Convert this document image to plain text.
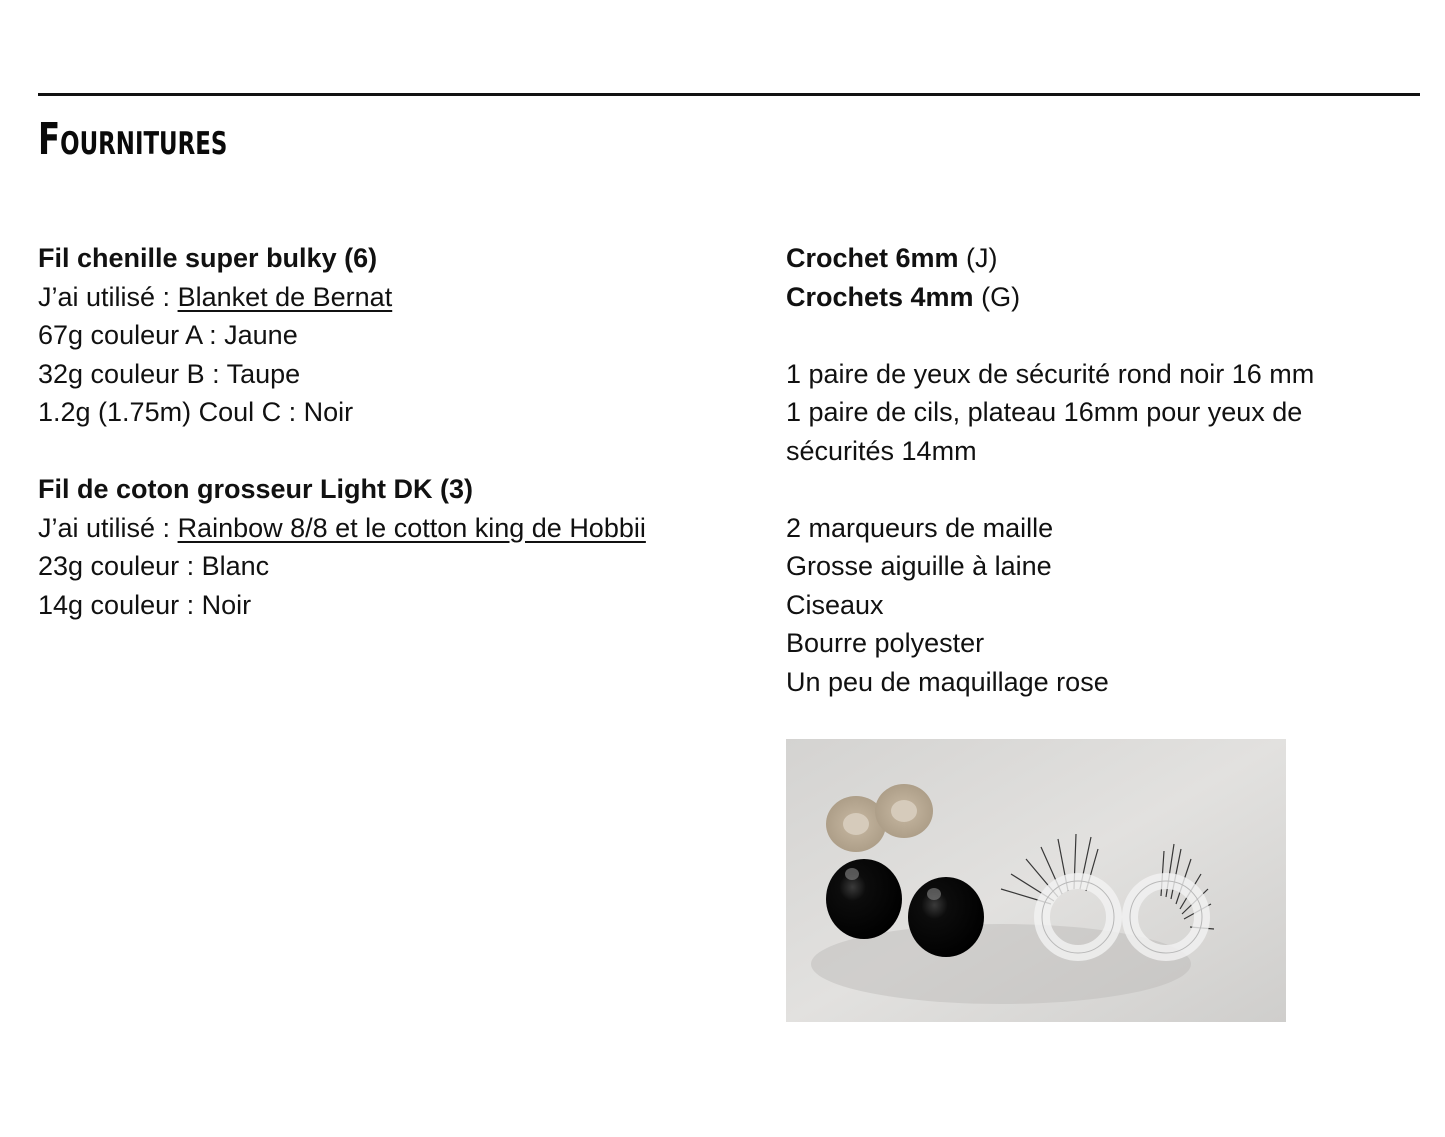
Fournitures
Fil chenille super bulky (6)
J’ai utilisé : Blanket de Bernat
67g couleur A : Jaune
32g couleur B : Taupe
1.2g (1.75m) Coul C : Noir
Fil de coton grosseur Light DK (3)
J’ai utilisé : Rainbow 8/8 et le cotton king de Hobbii
23g couleur : Blanc
14g couleur : Noir
Crochet 6mm (J)
Crochets 4mm (G)
1 paire de yeux de sécurité rond noir 16 mm
1 paire de cils, plateau 16mm pour yeux de sécurités 14mm
2 marqueurs de maille
Grosse aiguille à laine
Ciseaux
Bourre polyester
Un peu de maquillage rose
